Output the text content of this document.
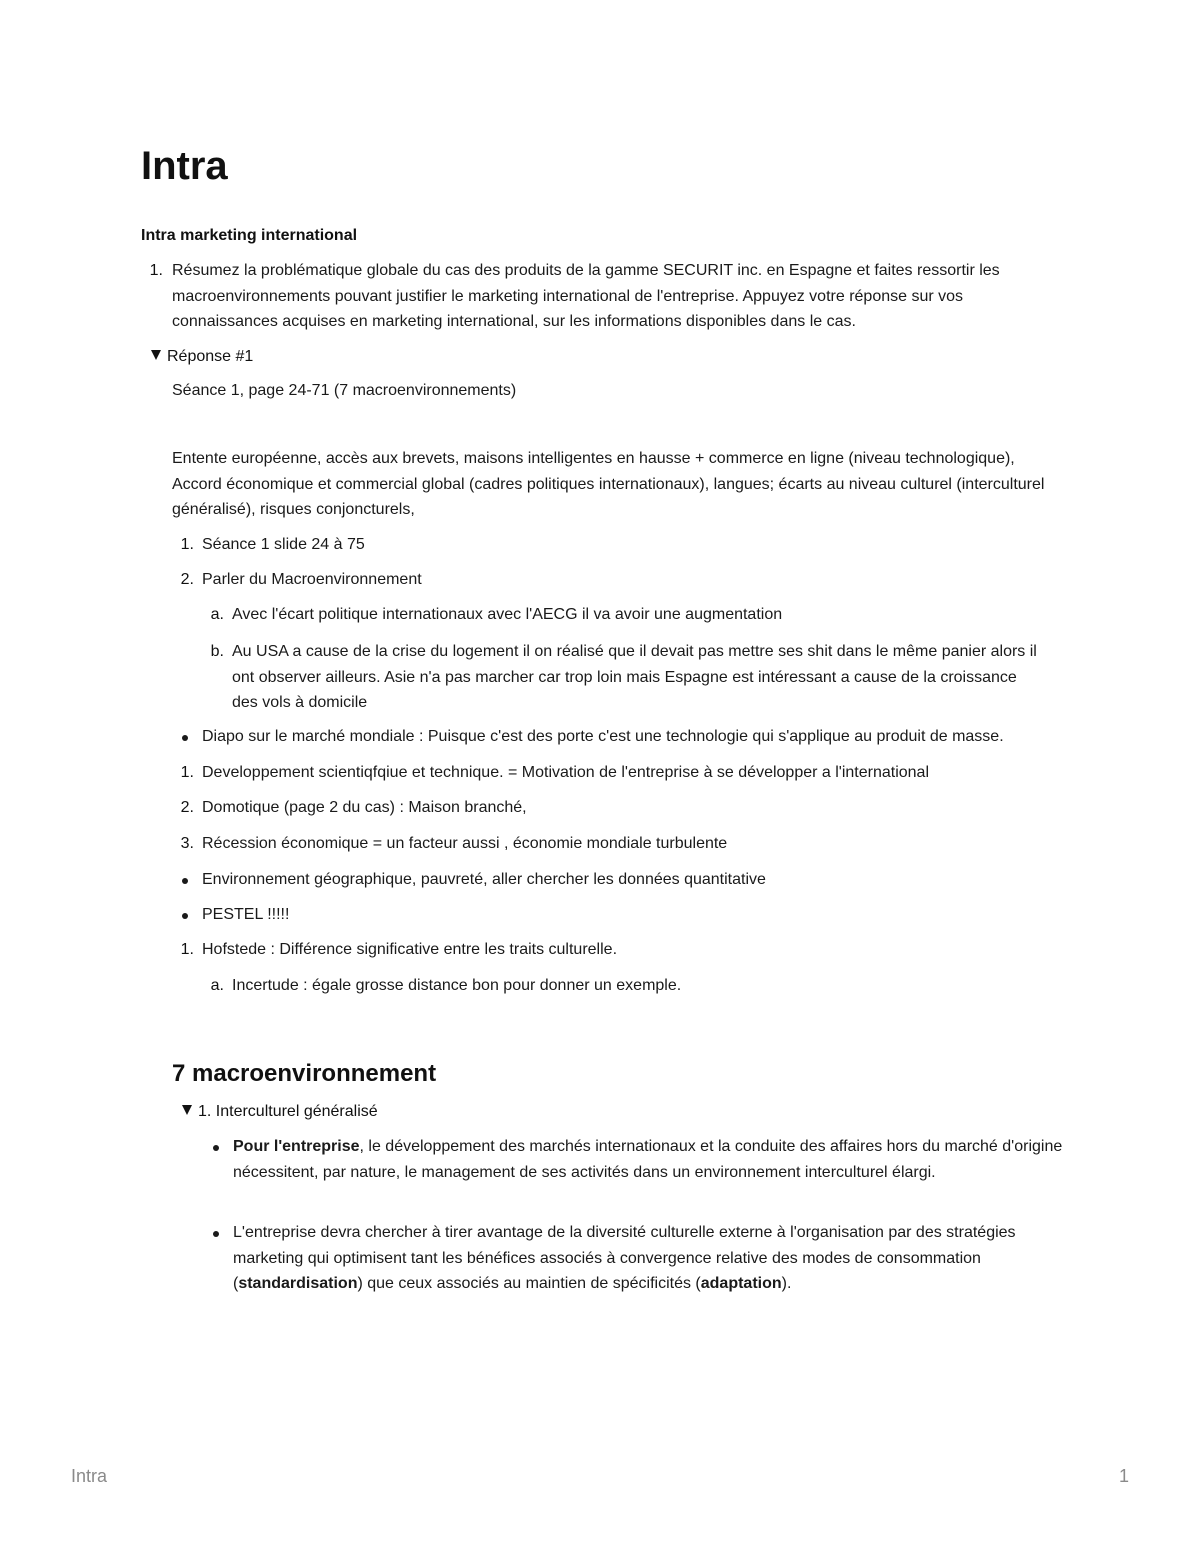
Intra

Intra marketing international

1. Résumez la problématique globale du cas des produits de la gamme SECURIT inc. en Espagne et faites ressortir les macroenvironnements pouvant justifier le marketing international de l'entreprise. Appuyez votre réponse sur vos connaissances acquises en marketing international, sur les informations disponibles dans le cas.
Réponse #1
Séance 1, page 24-71 (7 macroenvironnements)
Entente européenne, accès aux brevets, maisons intelligentes en hausse + commerce en ligne (niveau technologique), Accord économique et commercial global (cadres politiques internationaux), langues; écarts au niveau culturel (interculturel généralisé), risques conjoncturels,
1. Séance 1 slide 24 à 75
2. Parler du Macroenvironnement
a. Avec l'écart politique internationaux avec l'AECG il va avoir une augmentation
b. Au USA a cause de la crise du logement il on réalisé que il devait pas mettre ses shit dans le même panier alors il ont observer ailleurs. Asie n'a pas marcher car trop loin mais Espagne est intéressant a cause de la croissance des vols à domicile
Diapo sur le marché mondiale : Puisque c'est des porte c'est une technologie qui s'applique au produit de masse.
1. Developpement scientiqfqiue et technique. = Motivation de l'entreprise à se développer a l'international
2. Domotique (page 2 du cas) : Maison branché,
3. Récession économique = un facteur aussi , économie mondiale turbulente
Environnement géographique, pauvreté, aller chercher les données quantitative
PESTEL !!!!!
1. Hofstede : Différence significative entre les traits culturelle.
a. Incertude : égale grosse distance bon pour donner un exemple.
7 macroenvironnement
1. Interculturel généralisé
Pour l'entreprise, le développement des marchés internationaux et la conduite des affaires hors du marché d'origine nécessitent, par nature, le management de ses activités dans un environnement interculturel élargi.
L'entreprise devra chercher à tirer avantage de la diversité culturelle externe à l'organisation par des stratégies marketing qui optimisent tant les bénéfices associés à convergence relative des modes de consommation (standardisation) que ceux associés au maintien de spécificités (adaptation).
Intra	1
